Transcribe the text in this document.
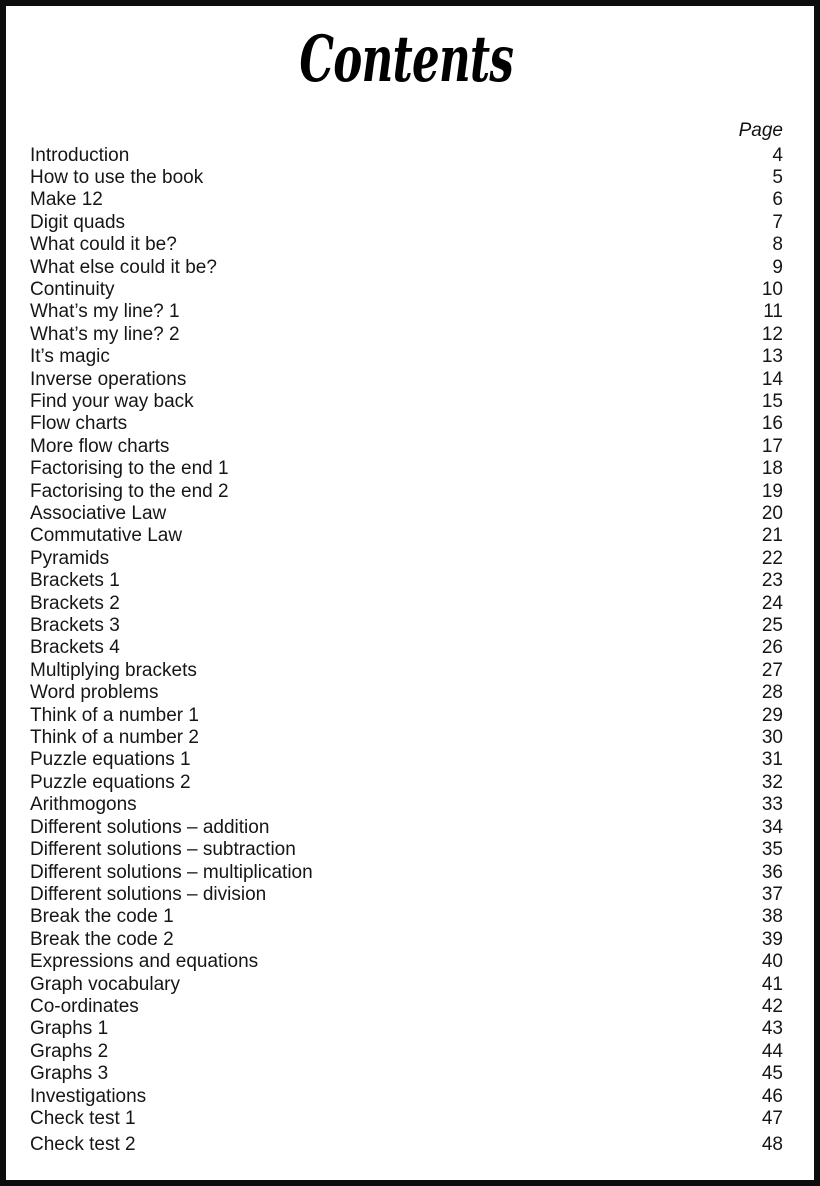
Contents
Page
Introduction	4
How to use the book	5
Make 12	6
Digit quads	7
What could it be?	8
What else could it be?	9
Continuity	10
What’s my line? 1	11
What’s my line? 2	12
It’s magic	13
Inverse operations	14
Find your way back	15
Flow charts	16
More flow charts	17
Factorising to the end 1	18
Factorising to the end 2	19
Associative Law	20
Commutative Law	21
Pyramids	22
Brackets 1	23
Brackets 2	24
Brackets 3	25
Brackets 4	26
Multiplying brackets	27
Word problems	28
Think of a number 1	29
Think of a number 2	30
Puzzle equations 1	31
Puzzle equations 2	32
Arithmogons	33
Different solutions – addition	34
Different solutions – subtraction	35
Different solutions – multiplication	36
Different solutions – division	37
Break the code 1	38
Break the code 2	39
Expressions and equations	40
Graph vocabulary	41
Co-ordinates	42
Graphs 1	43
Graphs 2	44
Graphs 3	45
Investigations	46
Check test 1	47
Check test 2	48
